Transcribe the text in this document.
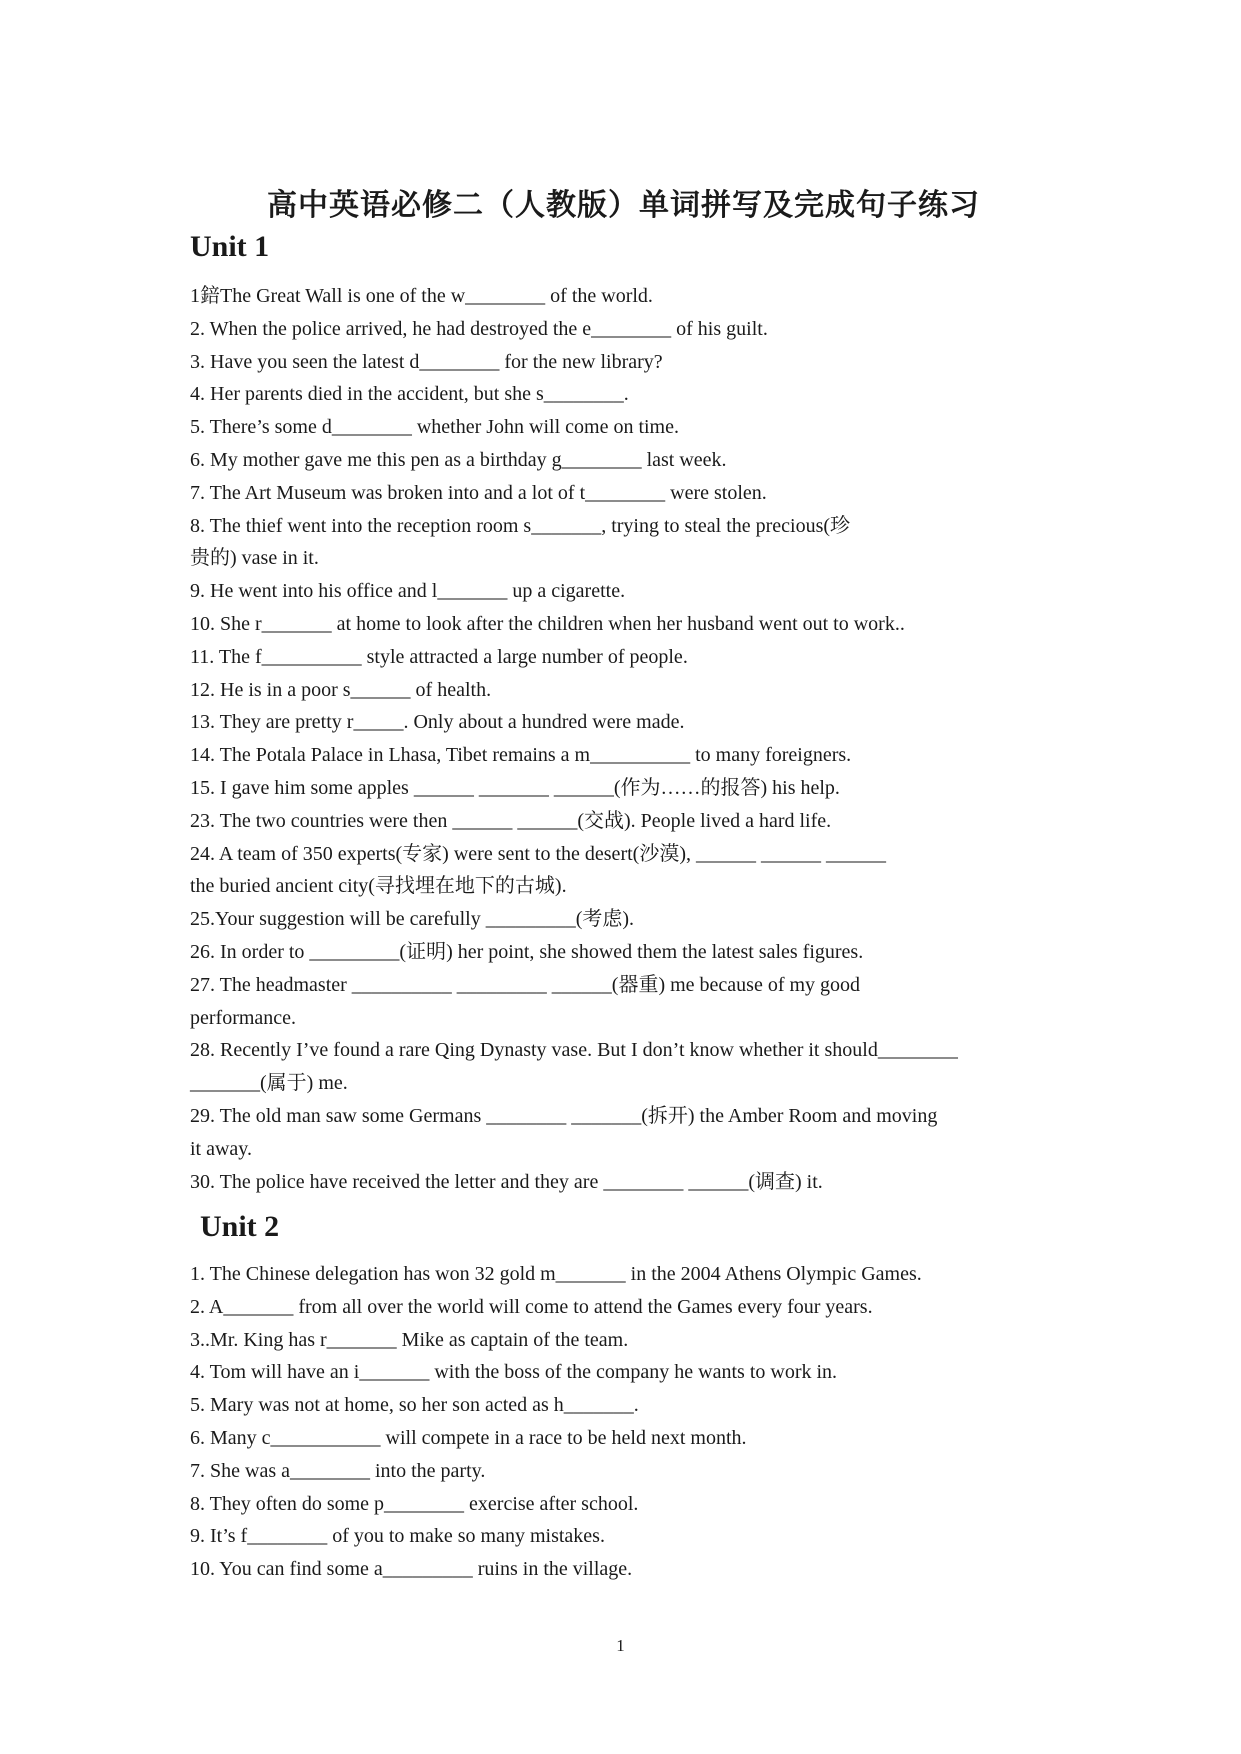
高中英语必修二（人教版）单词拼写及完成句子练习
Unit 1
1錇The Great Wall is one of the w________ of the world.
2. When the police arrived, he had destroyed the e________ of his guilt.
3. Have you seen the latest d________ for the new library?
4. Her parents died in the accident, but she s________.
5. There’s some d________ whether John will come on time.
6. My mother gave me this pen as a birthday g________ last week.
7. The Art Museum was broken into and a lot of t________ were stolen.
8. The thief went into the reception room s_______, trying to steal the precious(珍
贵的) vase in it.
9. He went into his office and l_______ up a cigarette.
10. She r_______ at home to look after the children when her husband went out to work..
11. The f__________ style attracted a large number of people.
12. He is in a poor s______ of health.
13. They are pretty r_____. Only about a hundred were made.
14. The Potala Palace in Lhasa, Tibet remains a m__________ to many foreigners.
15. I gave him some apples ______ _______ ______(作为……的报答) his help.
23. The two countries were then ______ ______(交战). People lived a hard life.
24. A team of 350 experts(专家) were sent to the desert(沙漠), ______ ______ ______
the buried ancient city(寻找埋在地下的古城).
25.Your suggestion will be carefully _________(考虑).
26. In order to _________(证明) her point, she showed them the latest sales figures.
27. The headmaster __________ _________ ______(器重) me because of my good
performance.
28. Recently I’ve found a rare Qing Dynasty vase. But I don’t know whether it should________
_______(属于) me.
29. The old man saw some Germans ________ _______(拆开) the Amber Room and moving
it away.
30. The police have received the letter and they are ________ ______(调查) it.
Unit 2
1. The Chinese delegation has won 32 gold m_______ in the 2004 Athens Olympic Games.
2. A_______ from all over the world will come to attend the Games every four years.
3..Mr. King has r_______ Mike as captain of the team.
4. Tom will have an i_______ with the boss of the company he wants to work in.
5. Mary was not at home, so her son acted as h_______.
6. Many c___________ will compete in a race to be held next month.
7. She was a________ into the party.
8. They often do some p________ exercise after school.
9. It’s f________ of you to make so many mistakes.
10. You can find some a_________ ruins in the village.
1
